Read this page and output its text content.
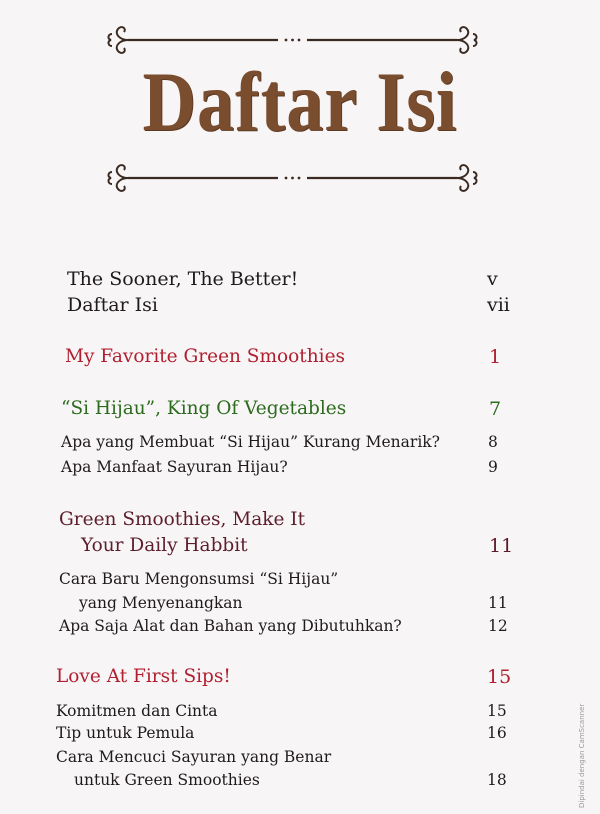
Daftar Isi
The Sooner, The Better!	v
Daftar Isi	vii
My Favorite Green Smoothies	1
“Si Hijau”, King Of Vegetables	7
Apa yang Membuat “Si Hijau” Kurang Menarik?	8
Apa Manfaat Sayuran Hijau?	9
Green Smoothies, Make It
Your Daily Habbit	11
Cara Baru Mengonsumsi “Si Hijau”
yang Menyenangkan	11
Apa Saja Alat dan Bahan yang Dibutuhkan?	12
Love At First Sips!	15
Komitmen dan Cinta	15
Tip untuk Pemula	16
Cara Mencuci Sayuran yang Benar
untuk Green Smoothies	18	Dipindai dengan CamScanner
